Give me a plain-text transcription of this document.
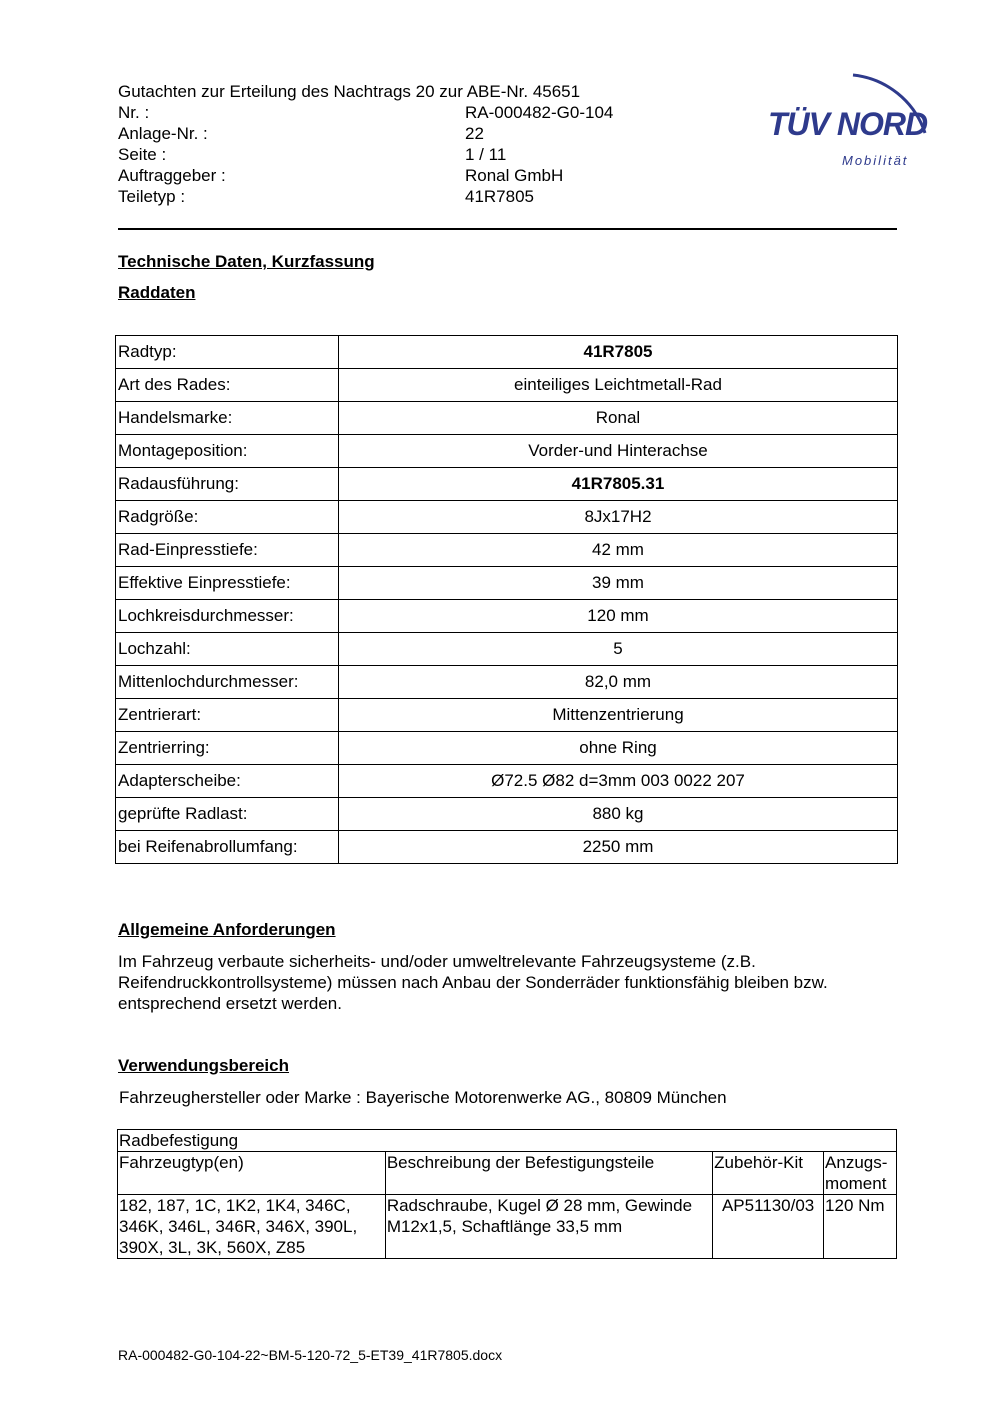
Gutachten zur Erteilung des Nachtrags 20 zur ABE-Nr. 45651
Nr. :	RA-000482-G0-104
Anlage-Nr. :	22
Seite :	1 / 11
Auftraggeber :	Ronal GmbH
Teiletyp :	41R7805
TÜV NORD
Mobilität
Technische Daten, Kurzfassung
Raddaten
Radtyp:	41R7805
Art des Rades:	einteiliges Leichtmetall-Rad
Handelsmarke:	Ronal
Montageposition:	Vorder-und Hinterachse
Radausführung:	41R7805.31
Radgröße:	8Jx17H2
Rad-Einpresstiefe:	42 mm
Effektive Einpresstiefe:	39 mm
Lochkreisdurchmesser:	120 mm
Lochzahl:	5
Mittenlochdurchmesser:	82,0 mm
Zentrierart:	Mittenzentrierung
Zentrierring:	ohne Ring
Adapterscheibe:	Ø72.5 Ø82 d=3mm 003 0022 207
geprüfte Radlast:	880 kg
bei Reifenabrollumfang:	2250 mm
Allgemeine Anforderungen
Im Fahrzeug verbaute sicherheits- und/oder umweltrelevante Fahrzeugsysteme (z.B. Reifendruckkontrollsysteme) müssen nach Anbau der Sonderräder funktionsfähig bleiben bzw. entsprechend ersetzt werden.
Verwendungsbereich
Fahrzeughersteller oder Marke : Bayerische Motorenwerke AG., 80809 München
Radbefestigung			
Fahrzeugtyp(en)	Beschreibung der Befestigungsteile	Zubehör-Kit	Anzugs-moment
182, 187, 1C, 1K2, 1K4, 346C, 346K, 346L, 346R, 346X, 390L, 390X, 3L, 3K, 560X, Z85	Radschraube, Kugel Ø 28 mm, Gewinde M12x1,5, Schaftlänge 33,5 mm	AP51130/03	120 Nm
RA-000482-G0-104-22~BM-5-120-72_5-ET39_41R7805.docx
